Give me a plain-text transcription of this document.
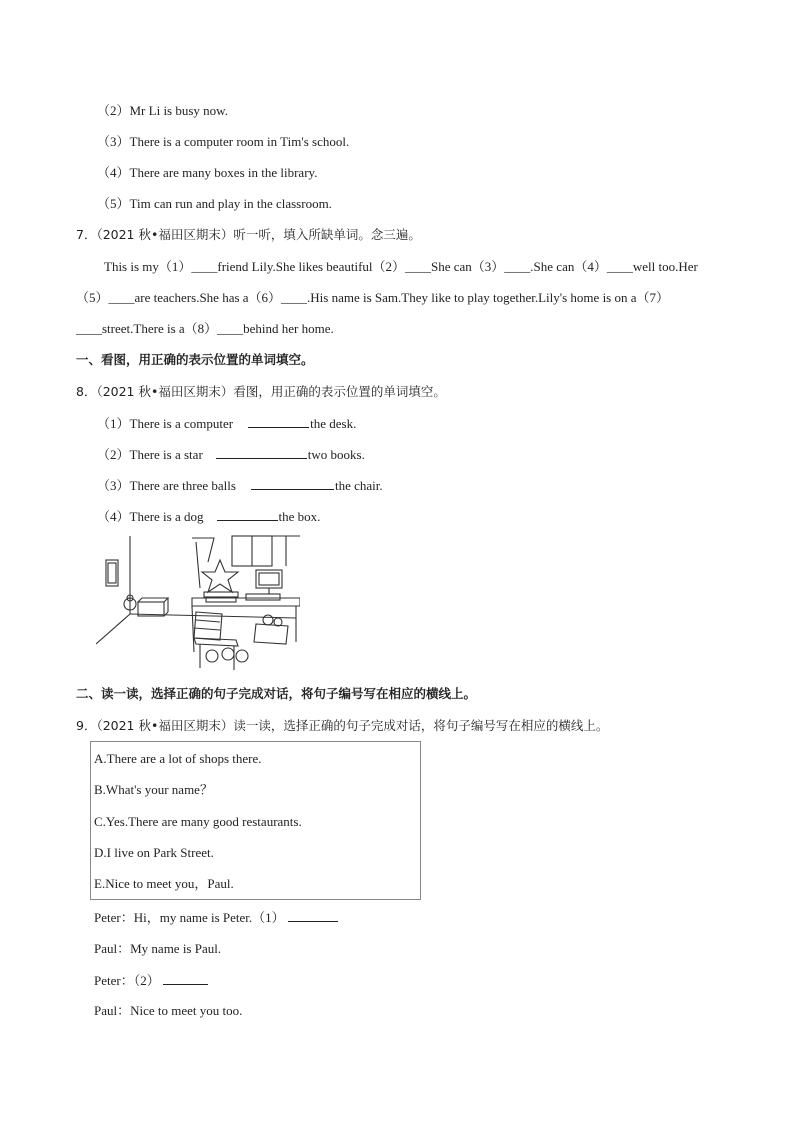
（2）Mr Li is busy now.
（3）There is a computer room in Tim's school.
（4）There are many boxes in the library.
（5）Tim can run and play in the classroom.
7．（2021 秋•福田区期末）听一听，填入所缺单词。念三遍。
This is my（1）____friend Lily.She likes beautiful（2）____She can（3）____.She can（4）____well too.Her
（5）____are teachers.She has a（6）____.His name is Sam.They like to play together.Lily's home is on a（7）
____street.There is a（8）____behind her home.
一、看图，用正确的表示位置的单词填空。
8．（2021 秋•福田区期末）看图，用正确的表示位置的单词填空。
（1）There is a computer	the desk.
（2）There is a star	two books.
（3）There are three balls	the chair.
（4）There is a dog	the box.
二、读一读，选择正确的句子完成对话，将句子编号写在相应的横线上。
9．（2021 秋•福田区期末）读一读，选择正确的句子完成对话，将句子编号写在相应的横线上。
A.There are a lot of shops there.
B.What's your name？
C.Yes.There are many good restaurants.
D.I live on Park Street.
E.Nice to meet you，Paul.
Peter：Hi，my name is Peter.（1）
Paul：My name is Paul.
Peter：（2）
Paul：Nice to meet you too.
